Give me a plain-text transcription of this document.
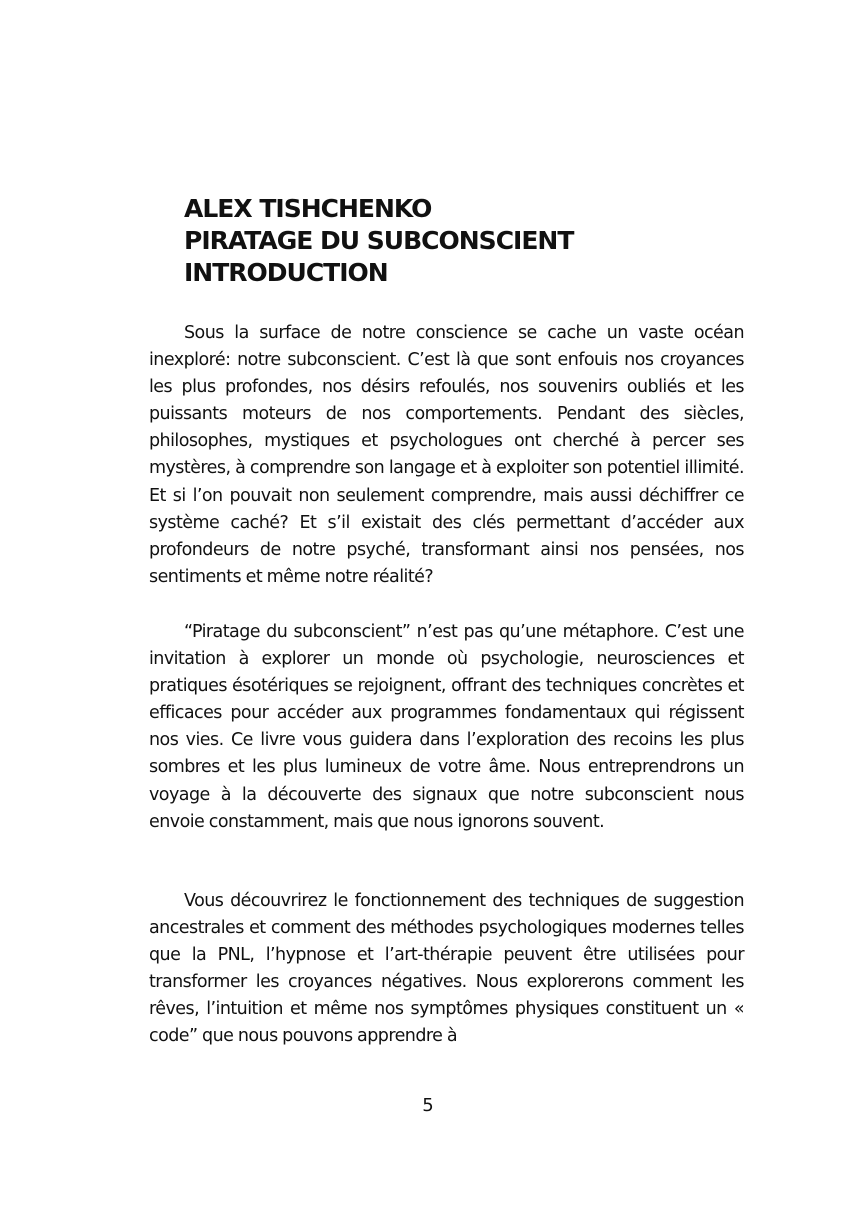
ALEX TISHCHENKO
PIRATAGE DU SUBCONSCIENT
INTRODUCTION

Sous la surface de notre conscience se cache un vaste océan inexploré: notre subconscient. C’est là que sont enfouis nos croyances les plus profondes, nos désirs refoulés, nos souvenirs oubliés et les puissants moteurs de nos comportements. Pendant des siècles, philosophes, mystiques et psychologues ont cherché à percer ses mystères, à comprendre son langage et à exploiter son potentiel illimité. Et si l’on pouvait non seulement comprendre, mais aussi déchiffrer ce système caché? Et s’il existait des clés permettant d’accéder aux profondeurs de notre psyché, transformant ainsi nos pensées, nos sentiments et même notre réalité?

“Piratage du subconscient” n’est pas qu’une métaphore. C’est une invitation à explorer un monde où psychologie, neurosciences et pratiques ésotériques se rejoignent, offrant des techniques concrètes et efficaces pour accéder aux programmes fondamentaux qui régissent nos vies. Ce livre vous guidera dans l’exploration des recoins les plus sombres et les plus lumineux de votre âme. Nous entreprendrons un voyage à la découverte des signaux que notre subconscient nous envoie constamment, mais que nous ignorons souvent.

Vous découvrirez le fonctionnement des techniques de suggestion ancestrales et comment des méthodes psychologiques modernes telles que la PNL, l’hypnose et l’art-thérapie peuvent être utilisées pour transformer les croyances négatives. Nous explorerons comment les rêves, l’intuition et même nos symptômes physiques constituent un « code” que nous pouvons apprendre à

5
